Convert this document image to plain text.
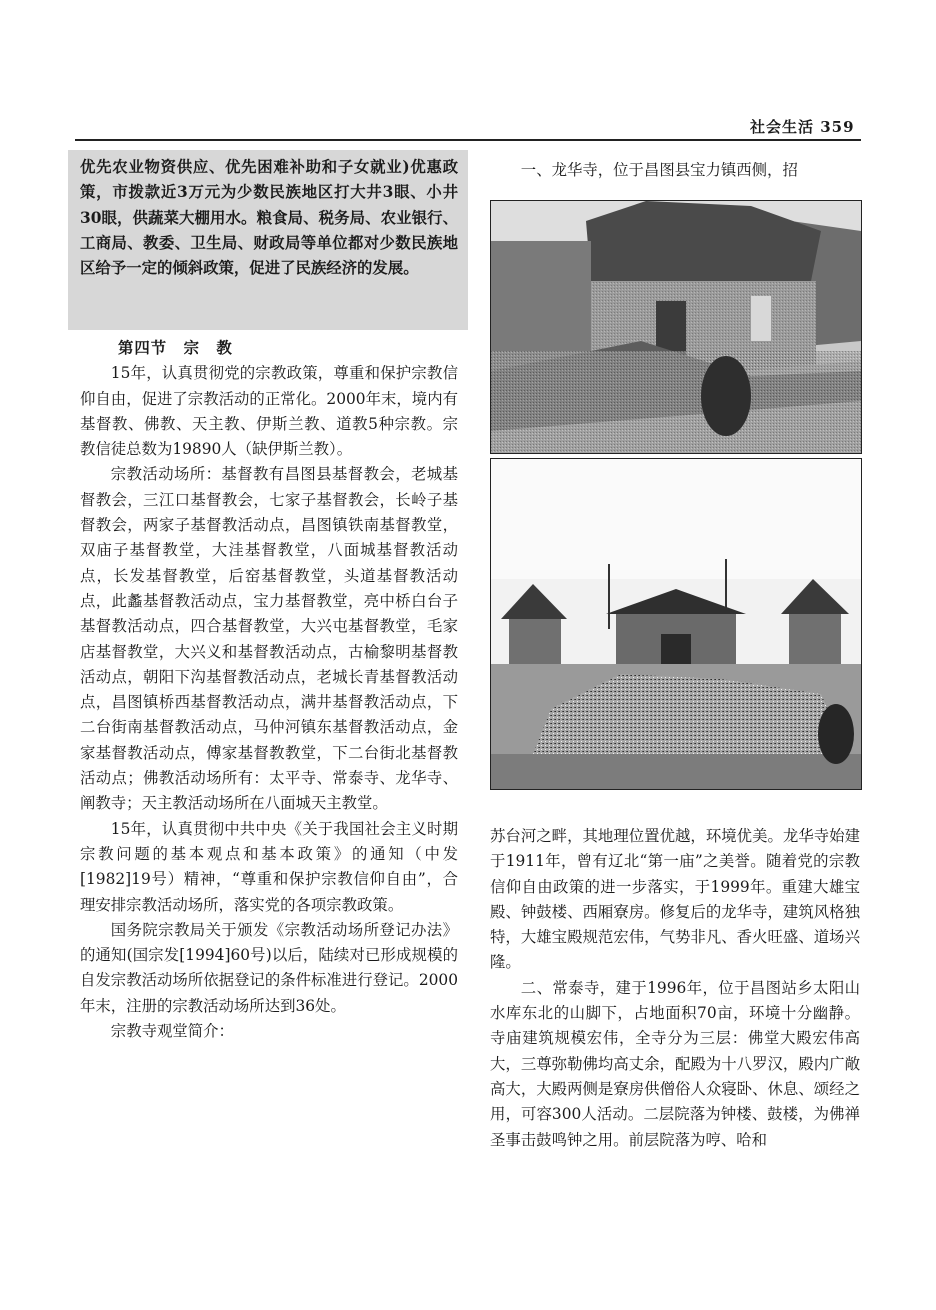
社会生活 359

优先农业物资供应、优先困难补助和子女就业)优惠政策，市拨款近3万元为少数民族地区打大井3眼、小井30眼，供蔬菜大棚用水。粮食局、税务局、农业银行、工商局、教委、卫生局、财政局等单位都对少数民族地区给予一定的倾斜政策，促进了民族经济的发展。

第四节　宗　教

15年，认真贯彻党的宗教政策，尊重和保护宗教信仰自由，促进了宗教活动的正常化。2000年末，境内有基督教、佛教、天主教、伊斯兰教、道教5种宗教。宗教信徒总数为19890人（缺伊斯兰教）。

宗教活动场所：基督教有昌图县基督教会，老城基督教会，三江口基督教会，七家子基督教会，长岭子基督教会，两家子基督教活动点，昌图镇铁南基督教堂，双庙子基督教堂，大洼基督教堂，八面城基督教活动点，长发基督教堂，后窑基督教堂，头道基督教活动点，此蠡基督教活动点，宝力基督教堂，亮中桥白台子基督教活动点，四合基督教堂，大兴屯基督教堂，毛家店基督教堂，大兴义和基督教活动点，古榆黎明基督教活动点，朝阳下沟基督教活动点，老城长青基督教活动点，昌图镇桥西基督教活动点，满井基督教活动点，下二台街南基督教活动点，马仲河镇东基督教活动点，金家基督教活动点，傅家基督教教堂，下二台街北基督教活动点；佛教活动场所有：太平寺、常泰寺、龙华寺、阐教寺；天主教活动场所在八面城天主教堂。

15年，认真贯彻中共中央《关于我国社会主义时期宗教问题的基本观点和基本政策》的通知（中发[1982]19号）精神，“尊重和保护宗教信仰自由”，合理安排宗教活动场所，落实党的各项宗教政策。

国务院宗教局关于颁发《宗教活动场所登记办法》的通知(国宗发[1994]60号)以后，陆续对已形成规模的自发宗教活动场所依据登记的条件标准进行登记。2000年末，注册的宗教活动场所达到36处。

宗教寺观堂简介：

一、龙华寺，位于昌图县宝力镇西侧，招

苏台河之畔，其地理位置优越，环境优美。龙华寺始建于1911年，曾有辽北“第一庙”之美誉。随着党的宗教信仰自由政策的进一步落实，于1999年。重建大雄宝殿、钟鼓楼、西厢寮房。修复后的龙华寺，建筑风格独特，大雄宝殿规范宏伟，气势非凡、香火旺盛、道场兴隆。

二、常泰寺，建于1996年，位于昌图站乡太阳山水库东北的山脚下，占地面积70亩，环境十分幽静。寺庙建筑规模宏伟，全寺分为三层：佛堂大殿宏伟高大，三尊弥勒佛均高丈余，配殿为十八罗汉，殿内广敞高大，大殿两侧是寮房供僧俗人众寝卧、休息、颂经之用，可容300人活动。二层院落为钟楼、鼓楼，为佛禅圣事击鼓鸣钟之用。前层院落为哼、哈和
